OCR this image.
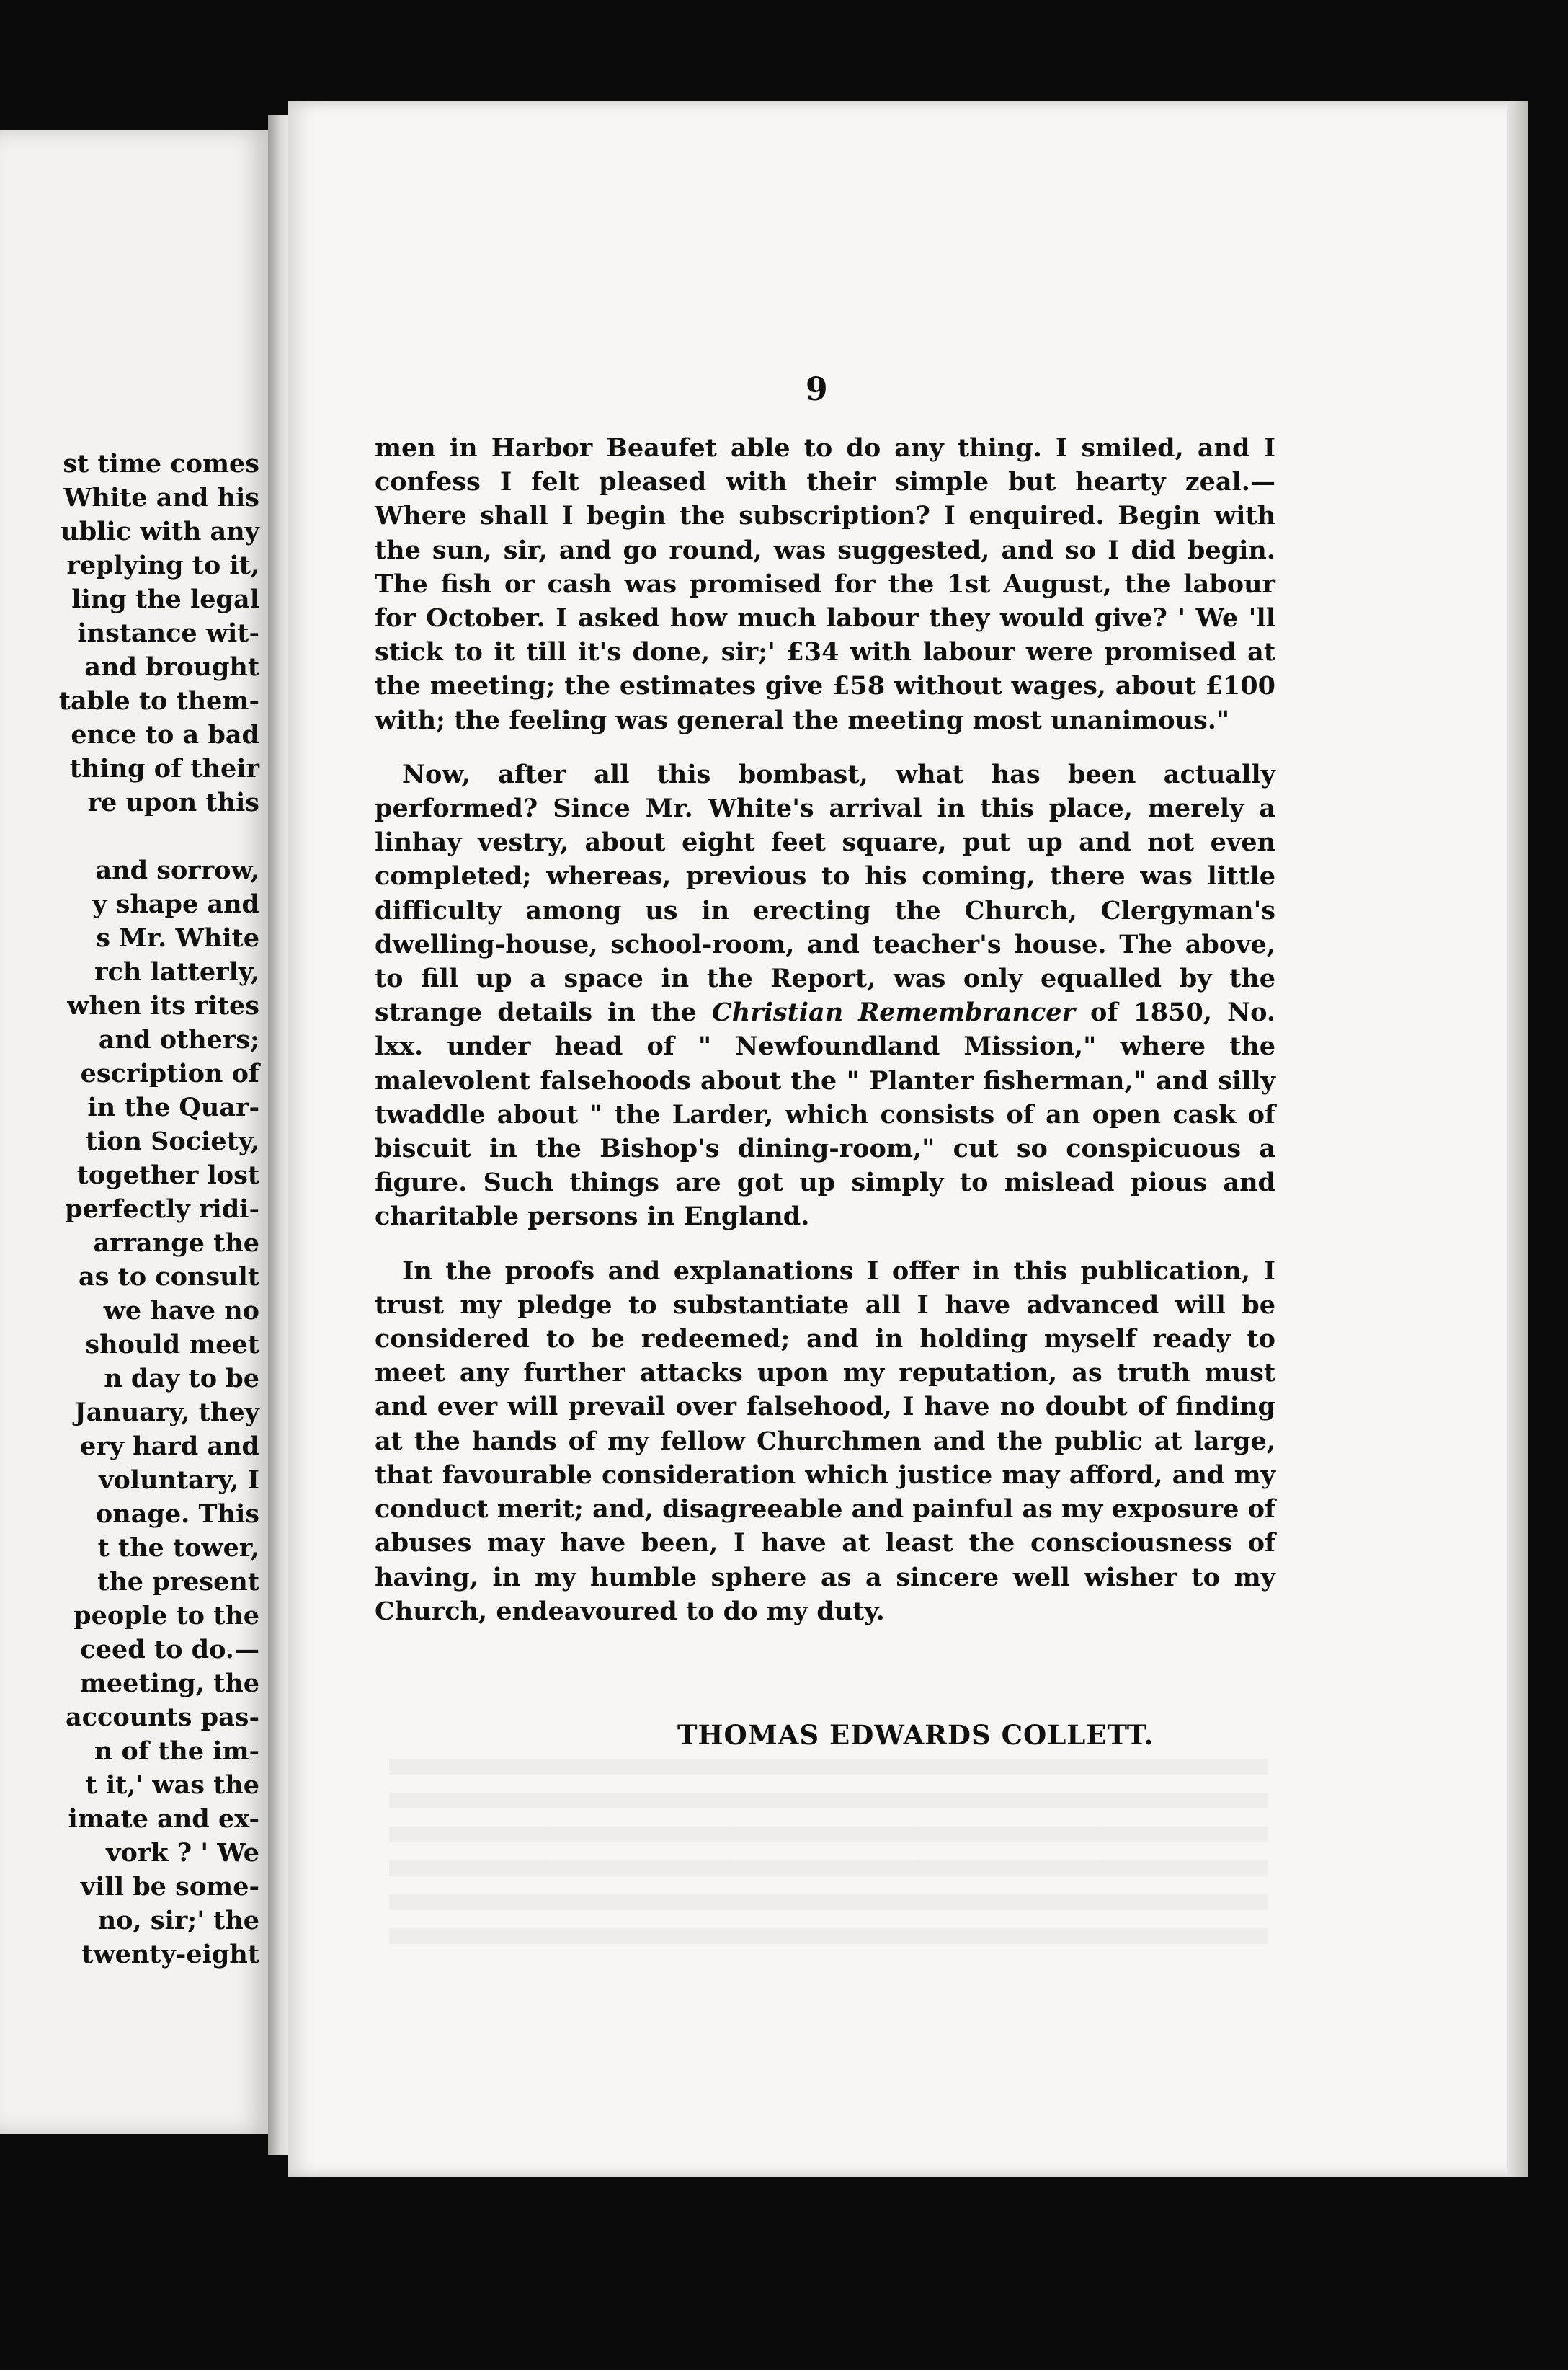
st time comes
White and his
ublic with any
replying to it,
ling the legal
instance wit-
and brought
table to them-
ence to a bad
thing of their
re upon this
and sorrow,
y shape and
s Mr. White
rch latterly,
when its rites
and others;
escription of
in the Quar-
tion Society,
together lost
perfectly ridi-
arrange the
as to consult
we have no
should meet
n day to be
January, they
ery hard and
voluntary, I
onage. This
t the tower,
the present
people to the
ceed to do.—
meeting, the
accounts pas-
n of the im-
t it,' was the
imate and ex-
vork ? ' We
vill be some-
no, sir;' the
twenty-eight
9

men in Harbor Beaufet able to do any thing. I smiled, and I confess I felt pleased with their simple but hearty zeal.— Where shall I begin the subscription? I enquired. Begin with the sun, sir, and go round, was suggested, and so I did begin. The fish or cash was promised for the 1st August, the labour for October. I asked how much labour they would give? ' We 'll stick to it till it's done, sir;' £34 with labour were promised at the meeting; the estimates give £58 without wages, about £100 with; the feeling was general the meeting most unanimous."

Now, after all this bombast, what has been actually performed? Since Mr. White's arrival in this place, merely a linhay vestry, about eight feet square, put up and not even completed; whereas, previous to his coming, there was little difficulty among us in erecting the Church, Clergyman's dwelling-house, school-room, and teacher's house. The above, to fill up a space in the Report, was only equalled by the strange details in the Christian Remembrancer of 1850, No. lxx. under head of " Newfoundland Mission," where the malevolent falsehoods about the " Planter fisherman," and silly twaddle about " the Larder, which consists of an open cask of biscuit in the Bishop's dining-room," cut so conspicuous a figure. Such things are got up simply to mislead pious and charitable persons in England.

In the proofs and explanations I offer in this publication, I trust my pledge to substantiate all I have advanced will be considered to be redeemed; and in holding myself ready to meet any further attacks upon my reputation, as truth must and ever will prevail over falsehood, I have no doubt of finding at the hands of my fellow Churchmen and the public at large, that favourable consideration which justice may afford, and my conduct merit; and, disagreeable and painful as my exposure of abuses may have been, I have at least the consciousness of having, in my humble sphere as a sincere well wisher to my Church, endeavoured to do my duty.

THOMAS EDWARDS COLLETT.
